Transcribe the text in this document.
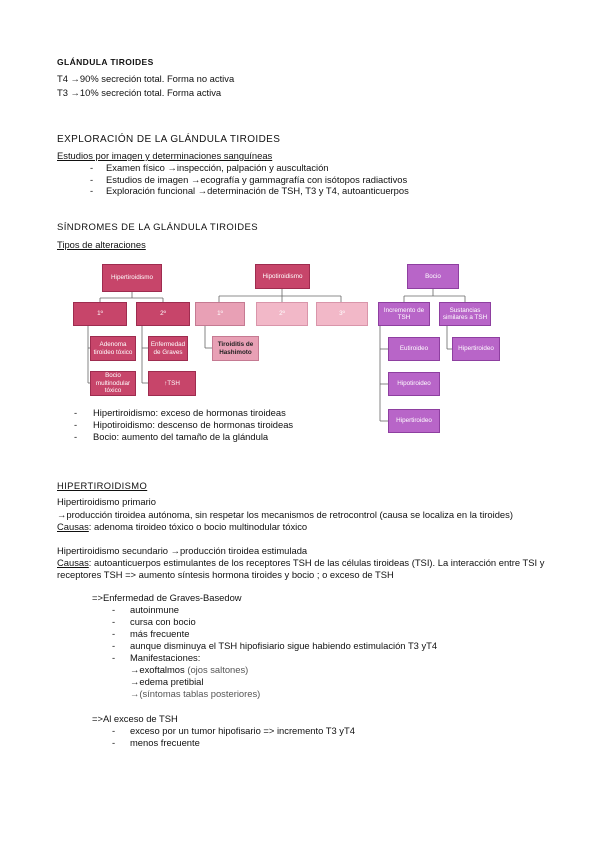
GLÁNDULA TIROIDES
T4 →90% secreción total. Forma no activa
T3 →10% secreción total. Forma activa
EXPLORACIÓN DE LA GLÁNDULA TIROIDES
Estudios por imagen y determinaciones sanguíneas
- Examen físico →inspección, palpación y auscultación
- Estudios de imagen →ecografía y gammagrafía con isótopos radiactivos
- Exploración funcional →determinación de TSH, T3 y T4, autoanticuerpos
SÍNDROMES DE LA GLÁNDULA TIROIDES
Tipos de alteraciones
Hipertiroidismo
1º	2º
Adenoma tiroideo tóxico
Bocio multinodular tóxico
Enfermedad de Graves
↑TSH
Hipotiroidismo
1º	2º	3º
Tiroiditis de Hashimoto
Bocio
Incremento de TSH
Sustancias similares a TSH
Eutiroideo	Hipertiroideo
Hipotiroideo
Hipertiroideo
- Hipertiroidismo: exceso de hormonas tiroideas
- Hipotiroidismo: descenso de hormonas tiroideas
- Bocio: aumento del tamaño de la glándula
HIPERTIROIDISMO
Hipertiroidismo primario
→producción tiroidea autónoma, sin respetar los mecanismos de retrocontrol (causa se localiza en la tiroides)
Causas: adenoma tiroideo tóxico o bocio multinodular tóxico
Hipertiroidismo secundario →producción tiroidea estimulada
Causas: autoanticuerpos estimulantes de los receptores TSH de las células tiroideas (TSI). La interacción entre TSI y
receptores TSH => aumento síntesis hormona tiroides y bocio ; o exceso de TSH
=>Enfermedad de Graves-Basedow
- autoinmune
- cursa con bocio
- más frecuente
- aunque disminuya el TSH hipofisiario sigue habiendo estimulación T3 yT4
- Manifestaciones:
→exoftalmos (ojos saltones)
→edema pretibial
→(síntomas tablas posteriores)
=>Al exceso de TSH
- exceso por un tumor hipofisario => incremento T3 yT4
- menos frecuente
